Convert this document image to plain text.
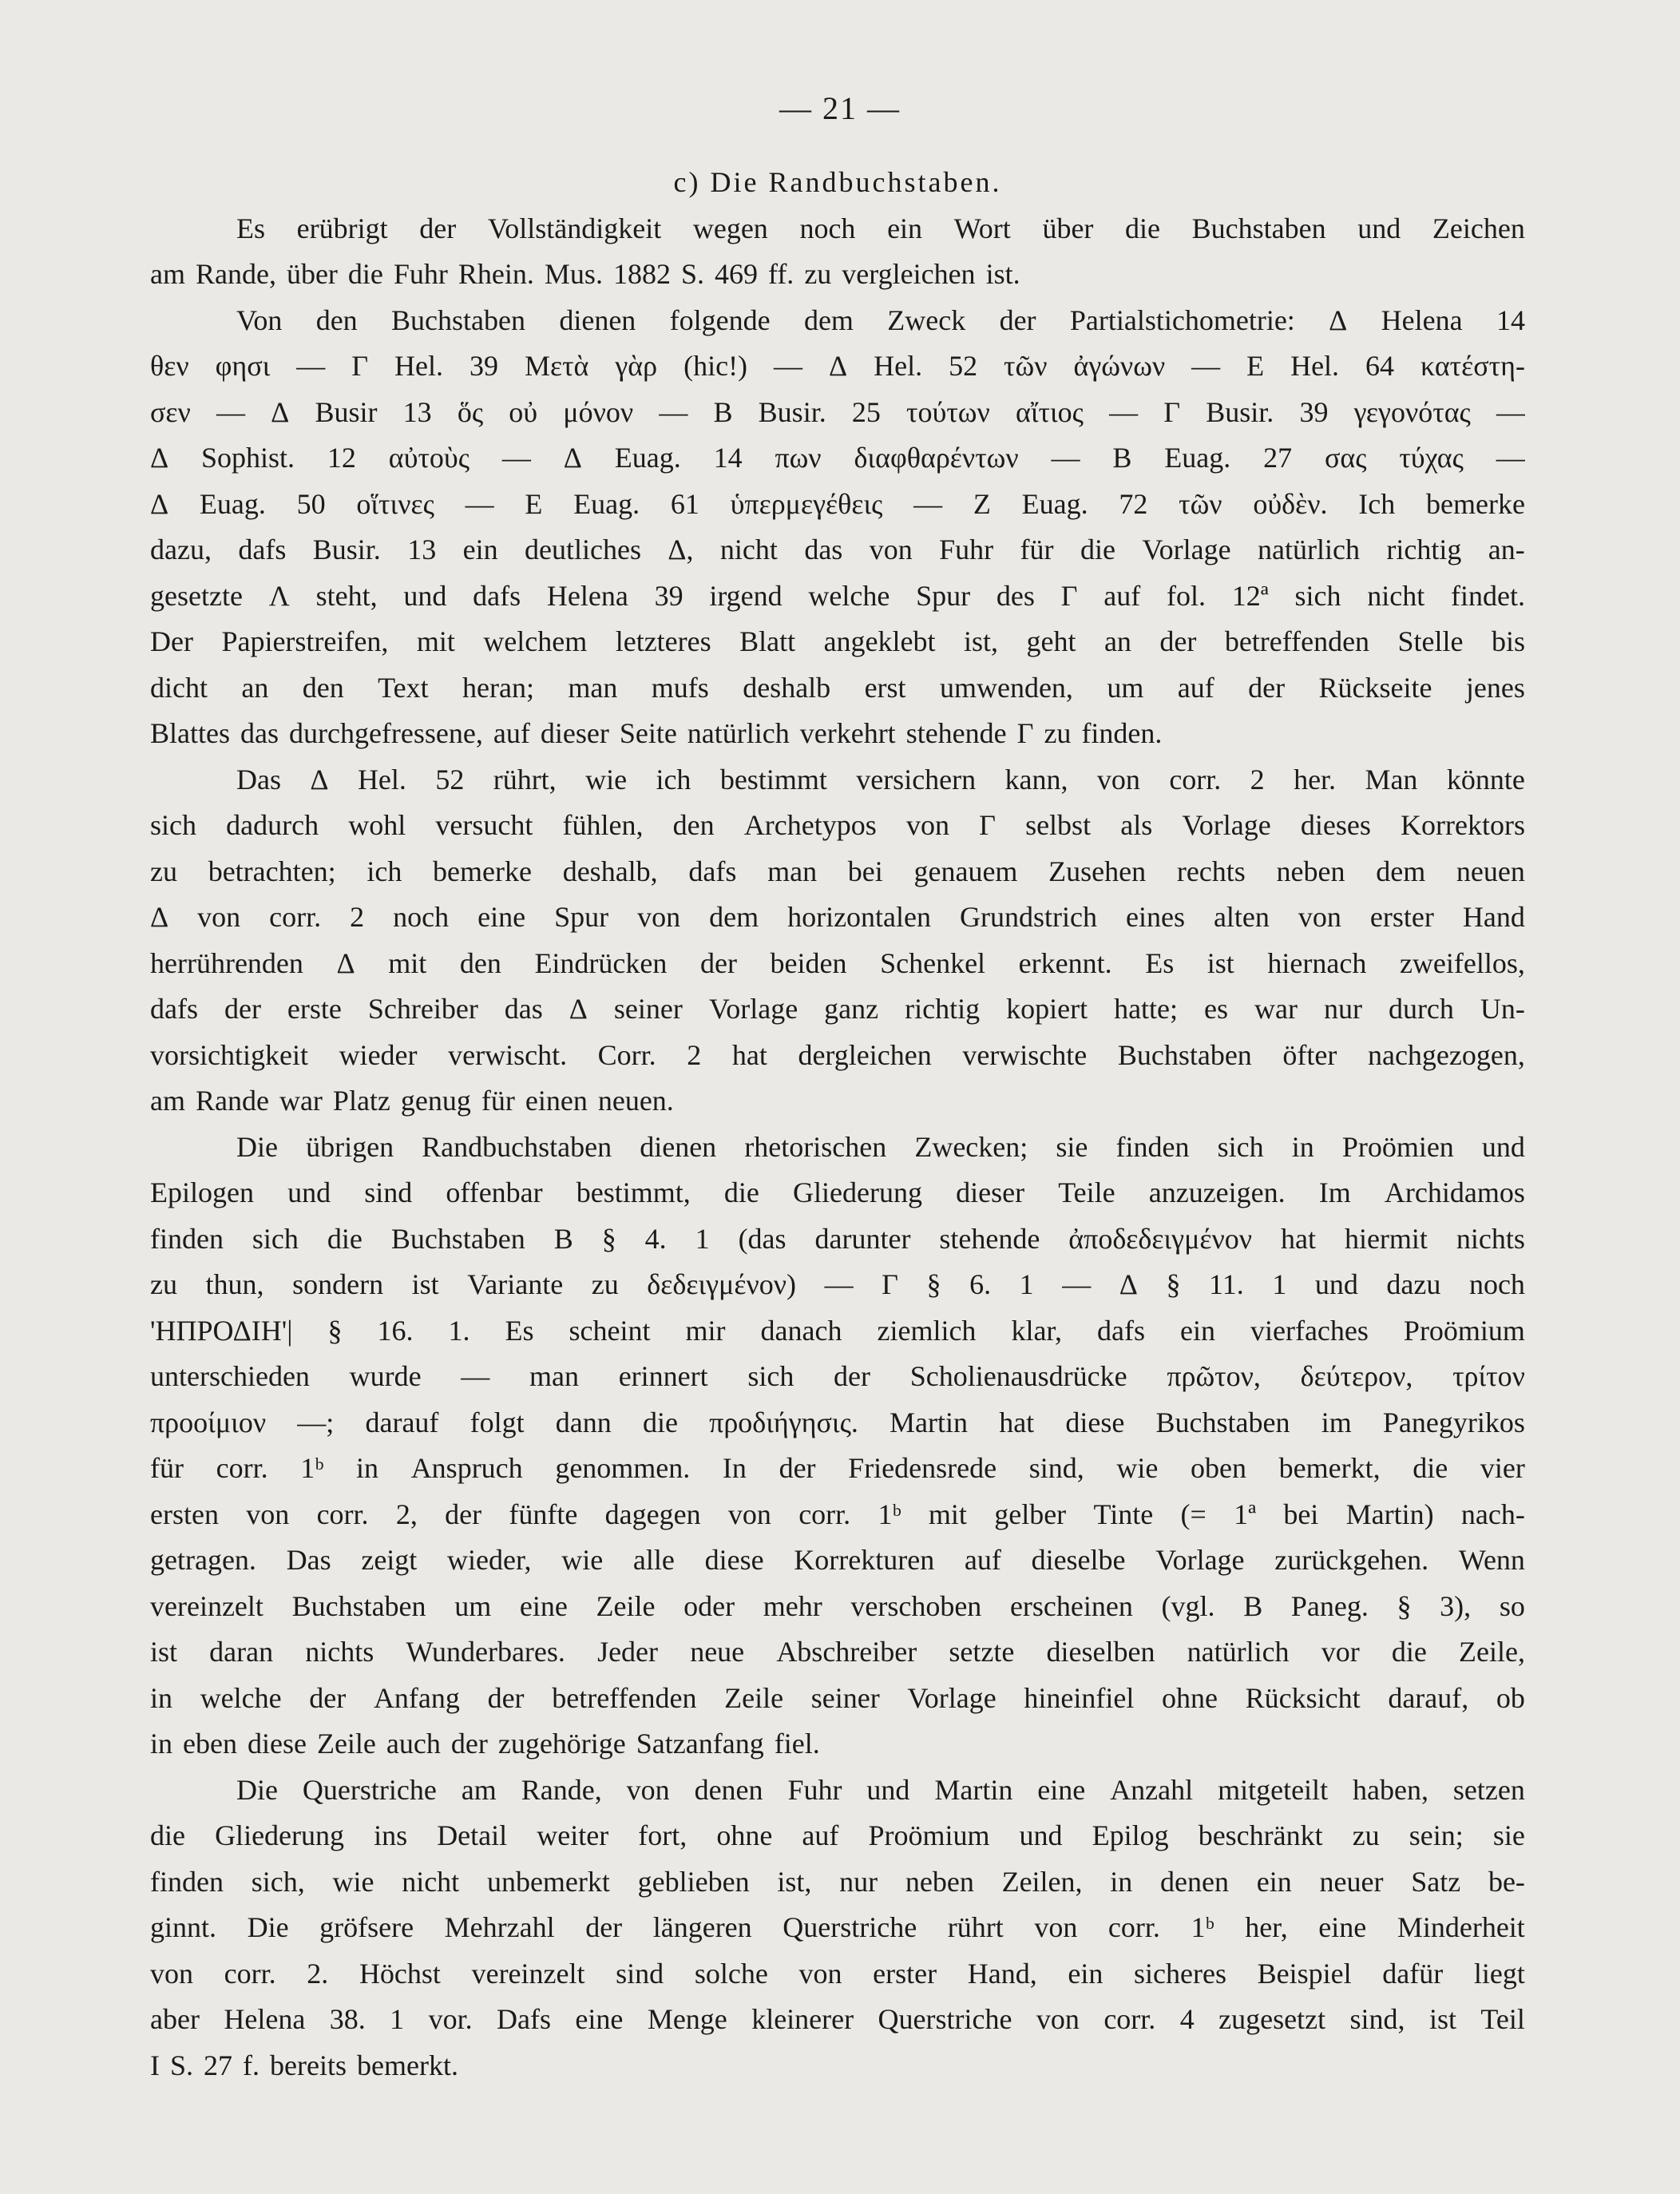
— 21 —
c) Die Randbuchstaben.
Es erübrigt der Vollständigkeit wegen noch ein Wort über die Buchstaben und Zeichen
am Rande, über die Fuhr Rhein. Mus. 1882 S. 469 ff. zu vergleichen ist.
Von den Buchstaben dienen folgende dem Zweck der Partialstichometrie: Δ Helena 14
θεν φησι — Γ Hel. 39 Μετὰ γὰρ (hic!) — Δ Hel. 52 τῶν ἀγώνων — Ε Hel. 64 κατέστη-
σεν — Δ Busir 13 ὅς οὐ μόνον — Β Busir. 25 τούτων αἴτιος — Γ Busir. 39 γεγονότας —
Δ Sophist. 12 αὐτοὺς — Δ Euag. 14 πων διαφθαρέντων — Β Euag. 27 σας τύχας —
Δ Euag. 50 οἵτινες — Ε Euag. 61 ὑπερμεγέθεις — Ζ Euag. 72 τῶν οὐδὲν. Ich bemerke
dazu, dafs Busir. 13 ein deutliches Δ, nicht das von Fuhr für die Vorlage natürlich richtig an-
gesetzte Λ steht, und dafs Helena 39 irgend welche Spur des Γ auf fol. 12ª sich nicht findet.
Der Papierstreifen, mit welchem letzteres Blatt angeklebt ist, geht an der betreffenden Stelle bis
dicht an den Text heran; man mufs deshalb erst umwenden, um auf der Rückseite jenes
Blattes das durchgefressene, auf dieser Seite natürlich verkehrt stehende Γ zu finden.
Das Δ Hel. 52 rührt, wie ich bestimmt versichern kann, von corr. 2 her. Man könnte
sich dadurch wohl versucht fühlen, den Archetypos von Γ selbst als Vorlage dieses Korrektors
zu betrachten; ich bemerke deshalb, dafs man bei genauem Zusehen rechts neben dem neuen
Δ von corr. 2 noch eine Spur von dem horizontalen Grundstrich eines alten von erster Hand
herrührenden Δ mit den Eindrücken der beiden Schenkel erkennt. Es ist hiernach zweifellos,
dafs der erste Schreiber das Δ seiner Vorlage ganz richtig kopiert hatte; es war nur durch Un-
vorsichtigkeit wieder verwischt. Corr. 2 hat dergleichen verwischte Buchstaben öfter nachgezogen,
am Rande war Platz genug für einen neuen.
Die übrigen Randbuchstaben dienen rhetorischen Zwecken; sie finden sich in Proömien und
Epilogen und sind offenbar bestimmt, die Gliederung dieser Teile anzuzeigen. Im Archidamos
finden sich die Buchstaben Β § 4. 1 (das darunter stehende ἀποδεδειγμένον hat hiermit nichts
zu thun, sondern ist Variante zu δεδειγμένον) — Γ § 6. 1 — Δ § 11. 1 und dazu noch
'ΗΠΡΟΔΙΗ'| § 16. 1. Es scheint mir danach ziemlich klar, dafs ein vierfaches Proömium
unterschieden wurde — man erinnert sich der Scholienausdrücke πρῶτον, δεύτερον, τρίτον
προοίμιον —; darauf folgt dann die προδιήγησις. Martin hat diese Buchstaben im Panegyrikos
für corr. 1ᵇ in Anspruch genommen. In der Friedensrede sind, wie oben bemerkt, die vier
ersten von corr. 2, der fünfte dagegen von corr. 1ᵇ mit gelber Tinte (= 1ª bei Martin) nach-
getragen. Das zeigt wieder, wie alle diese Korrekturen auf dieselbe Vorlage zurückgehen. Wenn
vereinzelt Buchstaben um eine Zeile oder mehr verschoben erscheinen (vgl. Β Paneg. § 3), so
ist daran nichts Wunderbares. Jeder neue Abschreiber setzte dieselben natürlich vor die Zeile,
in welche der Anfang der betreffenden Zeile seiner Vorlage hineinfiel ohne Rücksicht darauf, ob
in eben diese Zeile auch der zugehörige Satzanfang fiel.
Die Querstriche am Rande, von denen Fuhr und Martin eine Anzahl mitgeteilt haben, setzen
die Gliederung ins Detail weiter fort, ohne auf Proömium und Epilog beschränkt zu sein; sie
finden sich, wie nicht unbemerkt geblieben ist, nur neben Zeilen, in denen ein neuer Satz be-
ginnt. Die gröfsere Mehrzahl der längeren Querstriche rührt von corr. 1ᵇ her, eine Minderheit
von corr. 2. Höchst vereinzelt sind solche von erster Hand, ein sicheres Beispiel dafür liegt
aber Helena 38. 1 vor. Dafs eine Menge kleinerer Querstriche von corr. 4 zugesetzt sind, ist Teil
I S. 27 f. bereits bemerkt.
